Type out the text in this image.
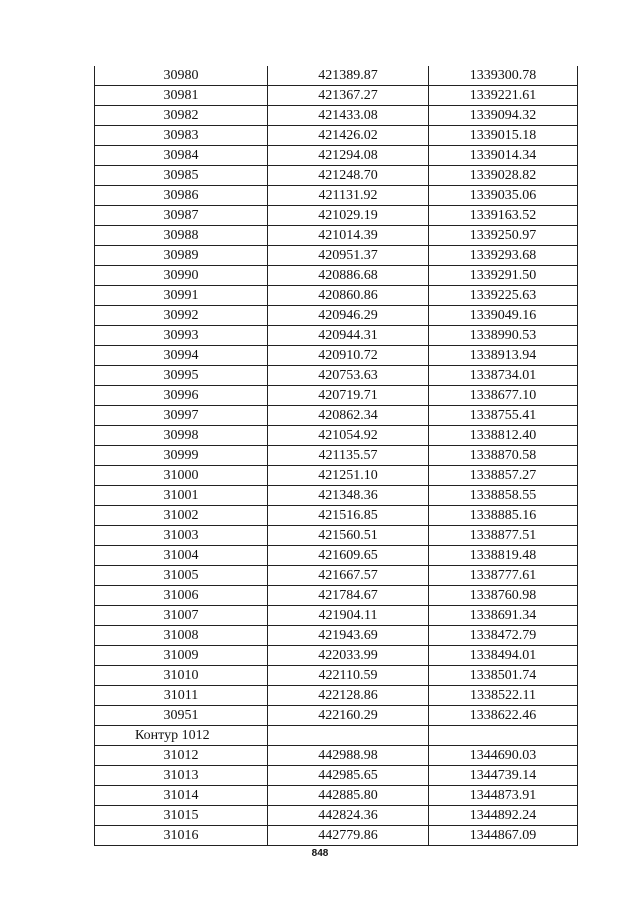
30980	421389.87	1339300.78
30981	421367.27	1339221.61
30982	421433.08	1339094.32
30983	421426.02	1339015.18
30984	421294.08	1339014.34
30985	421248.70	1339028.82
30986	421131.92	1339035.06
30987	421029.19	1339163.52
30988	421014.39	1339250.97
30989	420951.37	1339293.68
30990	420886.68	1339291.50
30991	420860.86	1339225.63
30992	420946.29	1339049.16
30993	420944.31	1338990.53
30994	420910.72	1338913.94
30995	420753.63	1338734.01
30996	420719.71	1338677.10
30997	420862.34	1338755.41
30998	421054.92	1338812.40
30999	421135.57	1338870.58
31000	421251.10	1338857.27
31001	421348.36	1338858.55
31002	421516.85	1338885.16
31003	421560.51	1338877.51
31004	421609.65	1338819.48
31005	421667.57	1338777.61
31006	421784.67	1338760.98
31007	421904.11	1338691.34
31008	421943.69	1338472.79
31009	422033.99	1338494.01
31010	422110.59	1338501.74
31011	422128.86	1338522.11
30951	422160.29	1338622.46
Контур 1012		
31012	442988.98	1344690.03
31013	442985.65	1344739.14
31014	442885.80	1344873.91
31015	442824.36	1344892.24
31016	442779.86	1344867.09
848
